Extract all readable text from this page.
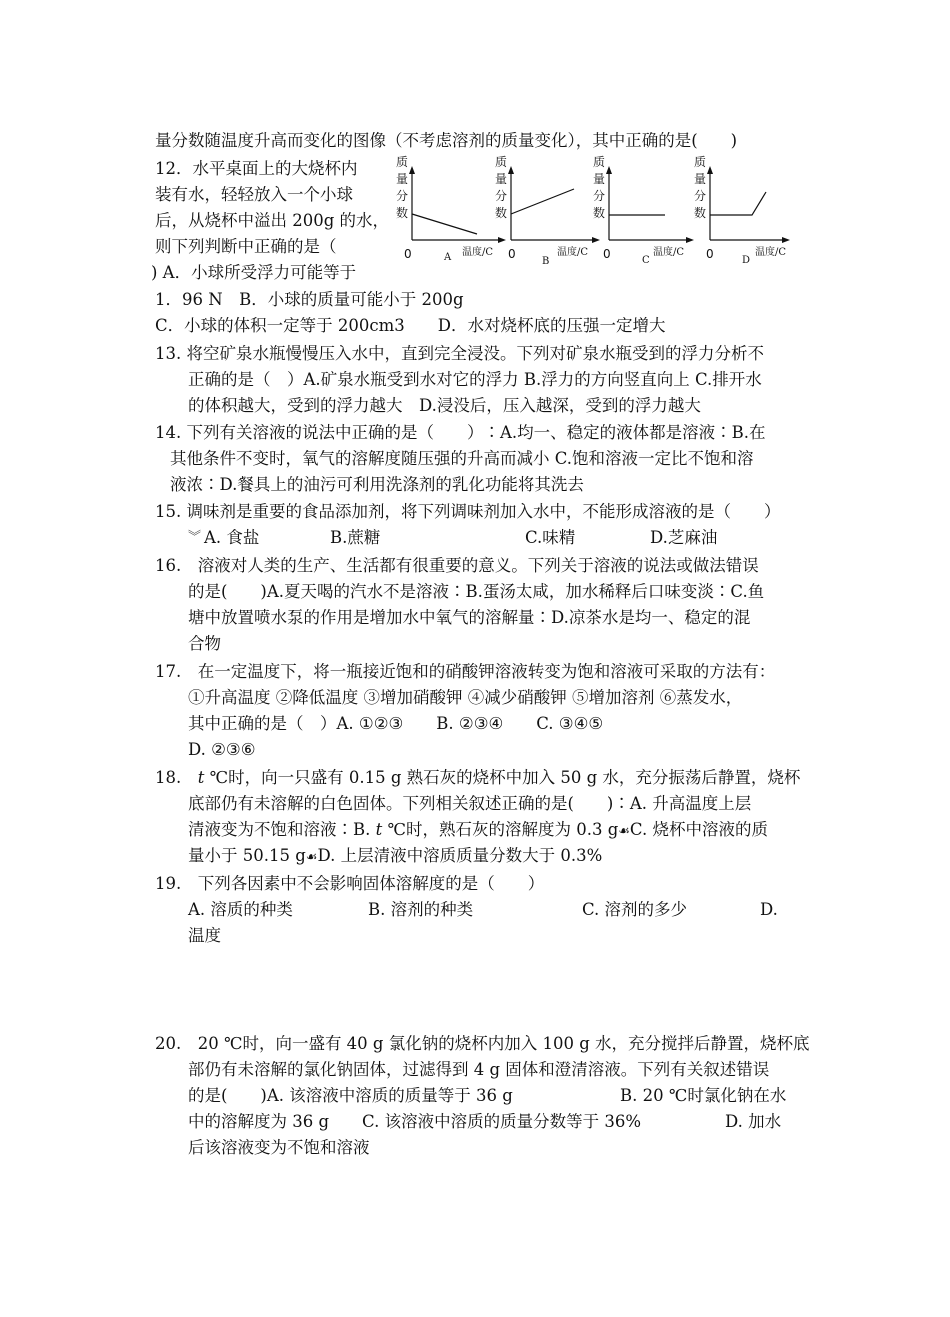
量分数随温度升高而变化的图像（不考虑溶剂的质量变化），其中正确的是(　　)
12．水平桌面上的大烧杯内
装有水，轻轻放入一个小球
后，从烧杯中溢出 200g 的水，
则下列判断中正确的是（
) A．小球所受浮力可能等于
1．96 N　B．小球的质量可能小于 200g
C．小球的体积一定等于 200cm3　　D．水对烧杯底的压强一定增大
质
量
分
数
0	A 温度/C
质
量
分
数
0
B
温度/C
质
量
分
数
0	C
温度/C
质
量
分
数
0	D
温度/C
13. 将空矿泉水瓶慢慢压入水中，直到完全浸没。下列对矿泉水瓶受到的浮力分析不
正确的是（　）A.矿泉水瓶受到水对它的浮力 B.浮力的方向竖直向上 C.排开水
的体积越大，受到的浮力越大　D.浸没后，压入越深，受到的浮力越大
14. 下列有关溶液的说法中正确的是（　　）∶A.均一、稳定的液体都是溶液∶B.在
其他条件不变时，氧气的溶解度随压强的升高而减小 C.饱和溶液一定比不饱和溶
液浓∶D.餐具上的油污可利用洗涤剂的乳化功能将其洗去
15. 调味剂是重要的食品添加剂，将下列调味剂加入水中，不能形成溶液的是（　　）
︾ A. 食盐	B.蔗糖	C.味精	D.芝麻油
16.　溶液对人类的生产、生活都有很重要的意义。下列关于溶液的说法或做法错误
的是(　　)A.夏天喝的汽水不是溶液∶B.蛋汤太咸，加水稀释后口味变淡∶C.鱼
塘中放置喷水泵的作用是增加水中氧气的溶解量∶D.凉茶水是均一、稳定的混
合物
17.　在一定温度下，将一瓶接近饱和的硝酸钾溶液转变为饱和溶液可采取的方法有：
①升高温度 ②降低温度 ③增加硝酸钾 ④减少硝酸钾 ⑤增加溶剂 ⑥蒸发水，
其中正确的是（　）A. ①②③　　B. ②③④　　C. ③④⑤
D. ②③⑥
18.　t ℃时，向一只盛有 0.15 g 熟石灰的烧杯中加入 50 g 水，充分振荡后静置，烧杯
底部仍有未溶解的白色固体。下列相关叙述正确的是(　　)∶A. 升高温度上层
清液变为不饱和溶液∶B. t ℃时，熟石灰的溶解度为 0.3 g☙C. 烧杯中溶液的质
量小于 50.15 g☙D. 上层清液中溶质质量分数大于 0.3%
19.　下列各因素中不会影响固体溶解度的是（　　）
A. 溶质的种类	B. 溶剂的种类	C. 溶剂的多少	D.
温度
20.　20 ℃时，向一盛有 40 g 氯化钠的烧杯内加入 100 g 水，充分搅拌后静置，烧杯底
部仍有未溶解的氯化钠固体，过滤得到 4 g 固体和澄清溶液。下列有关叙述错误
的是(　　)A. 该溶液中溶质的质量等于 36 g	B. 20 ℃时氯化钠在水
中的溶解度为 36 g　　C. 该溶液中溶质的质量分数等于 36%	D. 加水
后该溶液变为不饱和溶液
